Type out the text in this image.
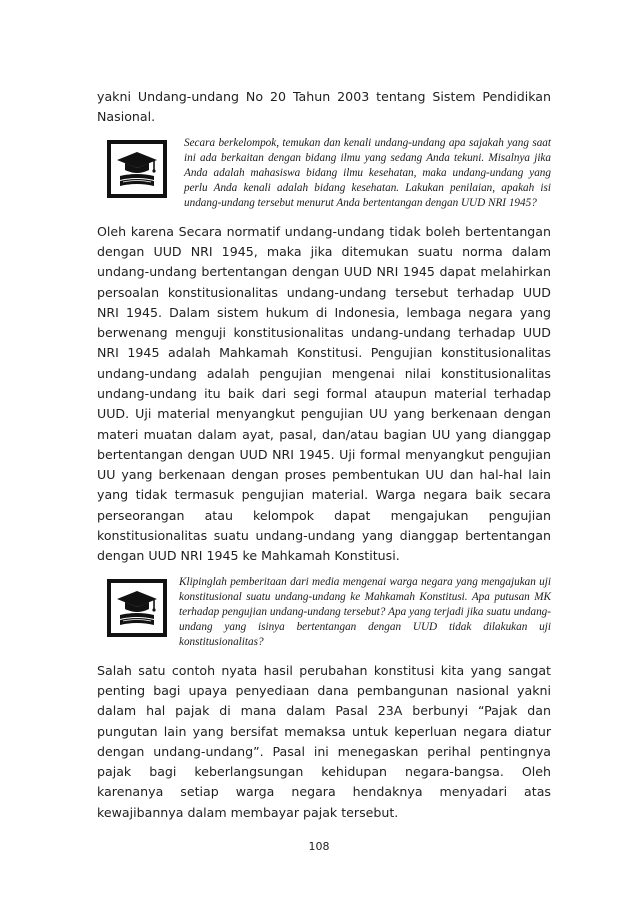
yakni Undang-undang No 20 Tahun 2003 tentang Sistem Pendidikan Nasional.

Secara berkelompok, temukan dan kenali undang-undang apa sajakah yang saat ini ada berkaitan dengan bidang ilmu yang sedang Anda tekuni. Misalnya jika Anda adalah mahasiswa bidang ilmu kesehatan, maka undang-undang yang perlu Anda kenali adalah bidang kesehatan. Lakukan penilaian, apakah isi undang-undang tersebut menurut Anda bertentangan dengan UUD NRI 1945?

Oleh karena Secara normatif undang-undang tidak boleh bertentangan dengan UUD NRI 1945, maka jika ditemukan suatu norma dalam undang-undang bertentangan dengan UUD NRI 1945 dapat melahirkan persoalan konstitusionalitas undang-undang tersebut terhadap UUD NRI 1945. Dalam sistem hukum di Indonesia, lembaga negara yang berwenang menguji konstitusionalitas undang-undang terhadap UUD NRI 1945 adalah Mahkamah Konstitusi. Pengujian konstitusionalitas undang-undang adalah pengujian mengenai nilai konstitusionalitas undang-undang itu baik dari segi formal ataupun material terhadap UUD. Uji material menyangkut pengujian UU yang berkenaan dengan materi muatan dalam ayat, pasal, dan/atau bagian UU yang dianggap bertentangan dengan UUD NRI 1945. Uji formal menyangkut pengujian UU yang berkenaan dengan proses pembentukan UU dan hal-hal lain yang tidak termasuk pengujian material. Warga negara baik secara perseorangan atau kelompok dapat mengajukan pengujian konstitusionalitas suatu undang-undang yang dianggap bertentangan dengan UUD NRI 1945 ke Mahkamah Konstitusi.

Klipinglah pemberitaan dari media mengenai warga negara yang mengajukan uji konstitusional suatu undang-undang ke Mahkamah Konstitusi. Apa putusan MK terhadap pengujian undang-undang tersebut? Apa yang terjadi jika suatu undang-undang yang isinya bertentangan dengan UUD tidak dilakukan uji konstitusionalitas?

Salah satu contoh nyata hasil perubahan konstitusi kita yang sangat penting bagi upaya penyediaan dana pembangunan nasional yakni dalam hal pajak di mana dalam Pasal 23A berbunyi “Pajak dan pungutan lain yang bersifat memaksa untuk keperluan negara diatur dengan undang-undang”. Pasal ini menegaskan perihal pentingnya pajak bagi keberlangsungan kehidupan negara-bangsa. Oleh karenanya setiap warga negara hendaknya menyadari atas kewajibannya dalam membayar pajak tersebut.

108
